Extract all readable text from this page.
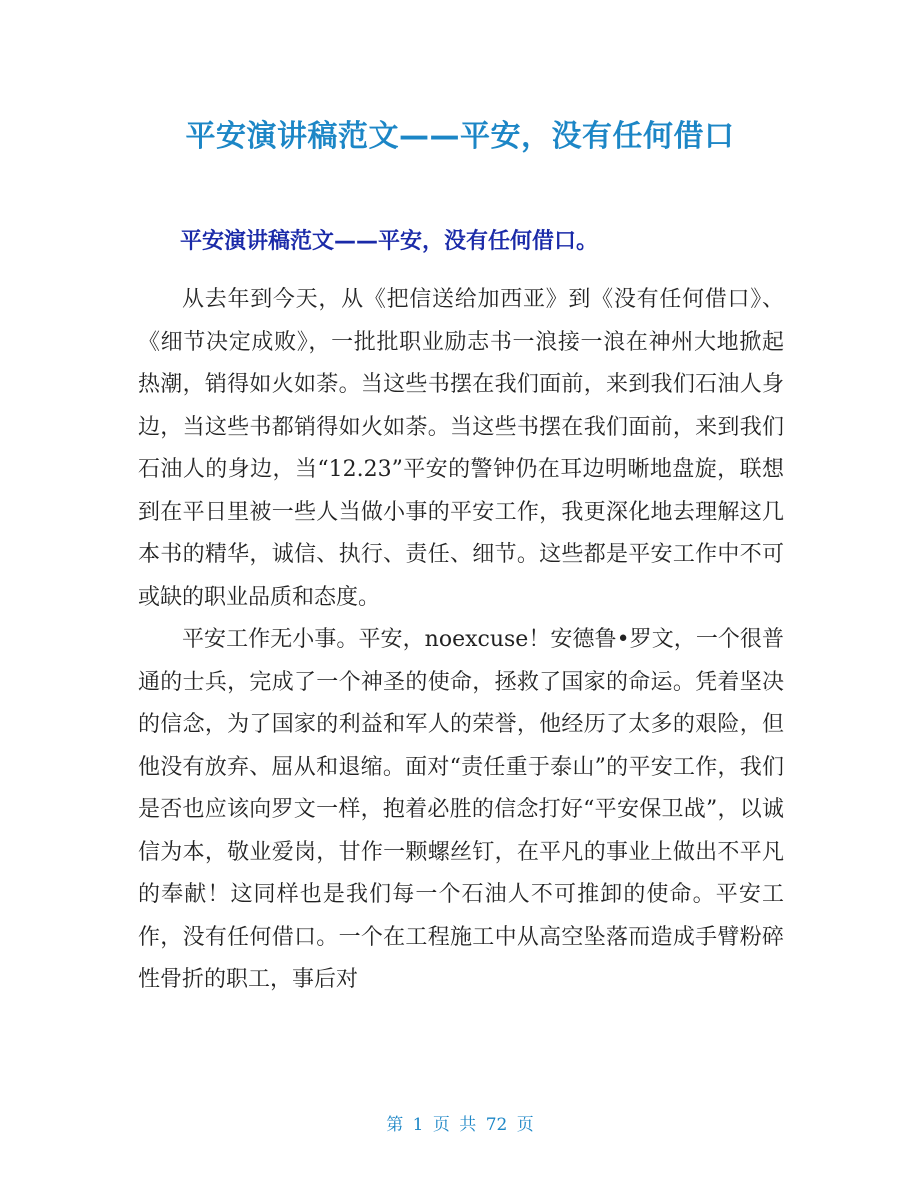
平安演讲稿范文——平安，没有任何借口
平安演讲稿范文——平安，没有任何借口。

从去年到今天，从《把信送给加西亚》到《没有任何借口》、《细节决定成败》，一批批职业励志书一浪接一浪在神州大地掀起热潮，销得如火如荼。当这些书摆在我们面前，来到我们石油人身边，当这些书都销得如火如荼。当这些书摆在我们面前，来到我们石油人的身边，当“12.23”平安的警钟仍在耳边明晰地盘旋，联想到在平日里被一些人当做小事的平安工作，我更深化地去理解这几本书的精华，诚信、执行、责任、细节。这些都是平安工作中不可或缺的职业品质和态度。

平安工作无小事。平安，noexcuse！安德鲁•罗文，一个很普通的士兵，完成了一个神圣的使命，拯救了国家的命运。凭着坚决的信念，为了国家的利益和军人的荣誉，他经历了太多的艰险，但他没有放弃、屈从和退缩。面对“责任重于泰山”的平安工作，我们是否也应该向罗文一样，抱着必胜的信念打好“平安保卫战”，以诚信为本，敬业爱岗，甘作一颗螺丝钉，在平凡的事业上做出不平凡的奉献！这同样也是我们每一个石油人不可推卸的使命。平安工作，没有任何借口。一个在工程施工中从高空坠落而造成手臂粉碎性骨折的职工，事后对

第 1 页 共 72 页
